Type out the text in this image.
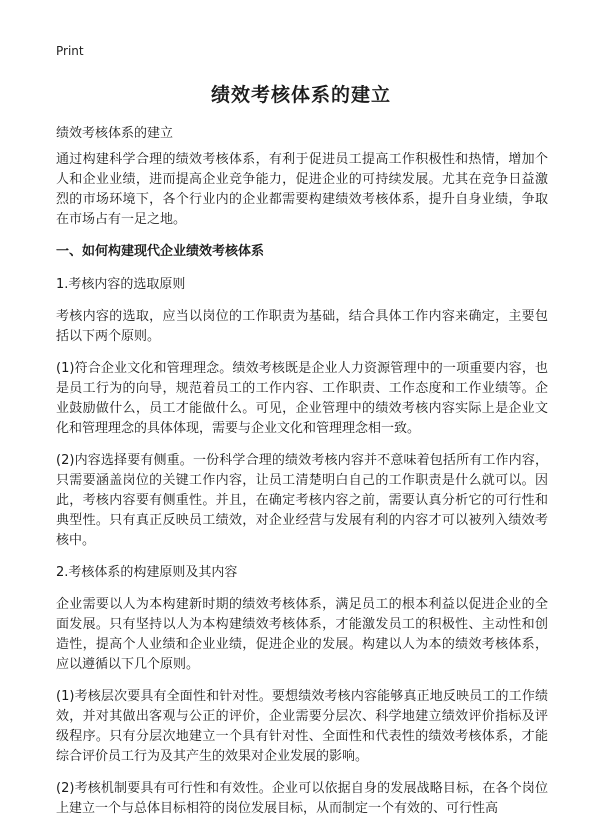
Print
绩效考核体系的建立
绩效考核体系的建立

通过构建科学合理的绩效考核体系，有利于促进员工提高工作积极性和热情，增加个人和企业业绩，进而提高企业竞争能力，促进企业的可持续发展。尤其在竞争日益激烈的市场环境下，各个行业内的企业都需要构建绩效考核体系，提升自身业绩，争取在市场占有一足之地。

一、如何构建现代企业绩效考核体系
1.考核内容的选取原则

考核内容的选取，应当以岗位的工作职责为基础，结合具体工作内容来确定，主要包括以下两个原则。

(1)符合企业文化和管理理念。绩效考核既是企业人力资源管理中的一项重要内容，也是员工行为的向导，规范着员工的工作内容、工作职责、工作态度和工作业绩等。企业鼓励做什么，员工才能做什么。可见，企业管理中的绩效考核内容实际上是企业文化和管理理念的具体体现，需要与企业文化和管理理念相一致。

(2)内容选择要有侧重。一份科学合理的绩效考核内容并不意味着包括所有工作内容，只需要涵盖岗位的关键工作内容，让员工清楚明白自己的工作职责是什么就可以。因此，考核内容要有侧重性。并且，在确定考核内容之前，需要认真分析它的可行性和典型性。只有真正反映员工绩效，对企业经营与发展有利的内容才可以被列入绩效考核中。

2.考核体系的构建原则及其内容

企业需要以人为本构建新时期的绩效考核体系，满足员工的根本利益以促进企业的全面发展。只有坚持以人为本构建绩效考核体系，才能激发员工的积极性、主动性和创造性，提高个人业绩和企业业绩，促进企业的发展。构建以人为本的绩效考核体系，应以遵循以下几个原则。

(1)考核层次要具有全面性和针对性。要想绩效考核内容能够真正地反映员工的工作绩效，并对其做出客观与公正的评价，企业需要分层次、科学地建立绩效评价指标及评级程序。只有分层次地建立一个具有针对性、全面性和代表性的绩效考核体系，才能综合评价员工行为及其产生的效果对企业发展的影响。

(2)考核机制要具有可行性和有效性。企业可以依据自身的发展战略目标，在各个岗位上建立一个与总体目标相符的岗位发展目标，从而制定一个有效的、可行性高
